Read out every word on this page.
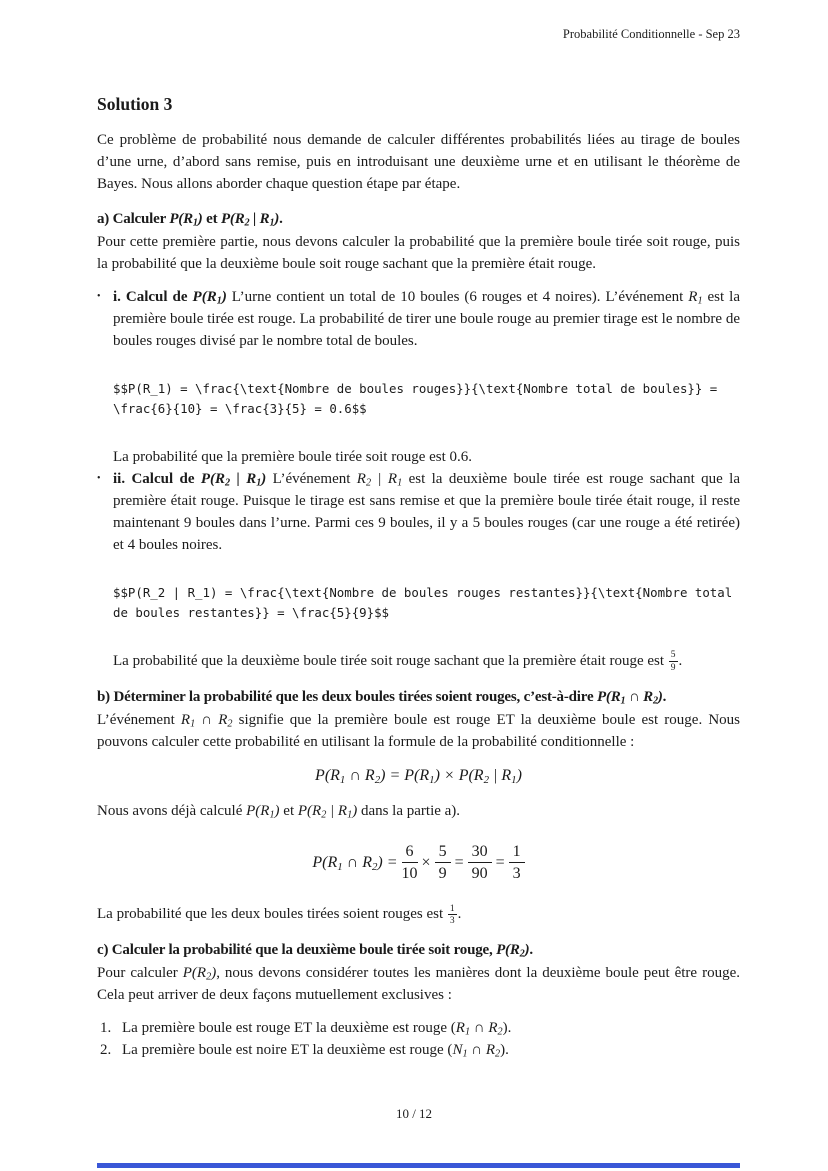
Probabilité Conditionnelle - Sep 23
Solution 3

Ce problème de probabilité nous demande de calculer différentes probabilités liées au tirage de boules d’une urne, d’abord sans remise, puis en introduisant une deuxième urne et en utilisant le théorème de Bayes. Nous allons aborder chaque question étape par étape.

a) Calculer $P(R_1)$ et $P(R_2$ | $R_1$).

Pour cette première partie, nous devons calculer la probabilité que la première boule tirée soit rouge, puis la probabilité que la deuxième boule soit rouge sachant que la première était rouge.

• i. Calcul de $P(R_1)$ L’urne contient un total de 10 boules (6 rouges et 4 noires). L’événement $R_1$ est la première boule tirée est rouge. La probabilité de tirer une boule rouge au premier tirage est le nombre de boules rouges divisé par le nombre total de boules.

$$P(R_1) = \frac{\text{Nombre de boules rouges}}{\text{Nombre total de boules}} =
\frac{6}{10} = \frac{3}{5} = 0.6$$

La probabilité que la première boule tirée soit rouge est 0.6.

• ii. Calcul de $P(R_2$ | $R_1$) L’événement $R_2$ | $R_1$ est la deuxième boule tirée est rouge sachant que la première était rouge. Puisque le tirage est sans remise et que la première boule tirée était rouge, il reste maintenant 9 boules dans l’urne. Parmi ces 9 boules, il y a 5 boules rouges (car une rouge a été retirée) et 4 boules noires.

$$P(R_2 | R_1) = \frac{\text{Nombre de boules rouges restantes}}{\text{Nombre total
de boules restantes}} = \frac{5}{9}$$

La probabilité que la deuxième boule tirée soit rouge sachant que la première était rouge est $\frac{5}{9}$ .

b) Déterminer la probabilité que les deux boules tirées soient rouges, c’est-à-dire $P(R_1$ ∩ $R_2$).

L’événement $R_1$ ∩ $R_2$ signifie que la première boule est rouge ET la deuxième boule est rouge. Nous pouvons calculer cette probabilité en utilisant la formule de la probabilité conditionnelle :

$P(R_1$ ∩ $R_2) = P(R_1) \times P(R_2$ | $R_1$)

Nous avons déjà calculé $P(R_1)$ et $P(R_2$ | $R_1$) dans la partie a).

$P(R_1$ ∩ $R_2) = \frac{6}{10} \times \frac{5}{9} = \frac{30}{90} = \frac{1}{3}$

La probabilité que les deux boules tirées soient rouges est $\frac{1}{3}$ .

c) Calculer la probabilité que la deuxième boule tirée soit rouge, $P(R_2)$.

Pour calculer $P(R_2)$, nous devons considérer toutes les manières dont la deuxième boule peut être rouge. Cela peut arriver de deux façons mutuellement exclusives :

1. La première boule est rouge ET la deuxième est rouge ($R_1$ ∩ $R_2$).
2. La première boule est noire ET la deuxième est rouge ($N_1$ ∩ $R_2$).
10 / 12
